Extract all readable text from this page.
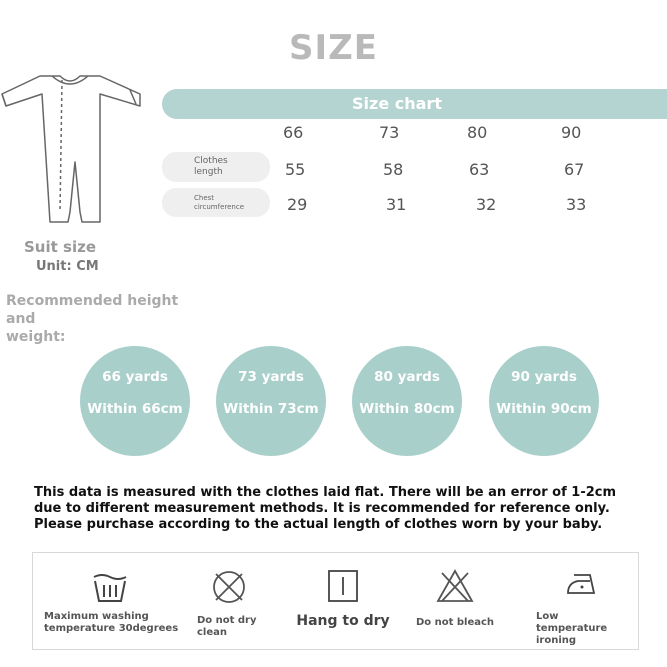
SIZE
Size chart
66	73	80	90
Clothes
length	55	58	63	67
Chest
circumference	29	31	32	33
Suit size
Unit: CM
Recommended height and
weight:
66 yards
Within 66cm
73 yards
Within 73cm
80 yards
Within 80cm
90 yards
Within 90cm
This data is measured with the clothes laid flat. There will be an error of 1-2cm
due to different measurement methods. It is recommended for reference only.
Please purchase according to the actual length of clothes worn by your baby.
Maximum washing
temperature 30degrees
Do not dry
clean
Hang to dry	Do not bleach
Low temperature
ironing
